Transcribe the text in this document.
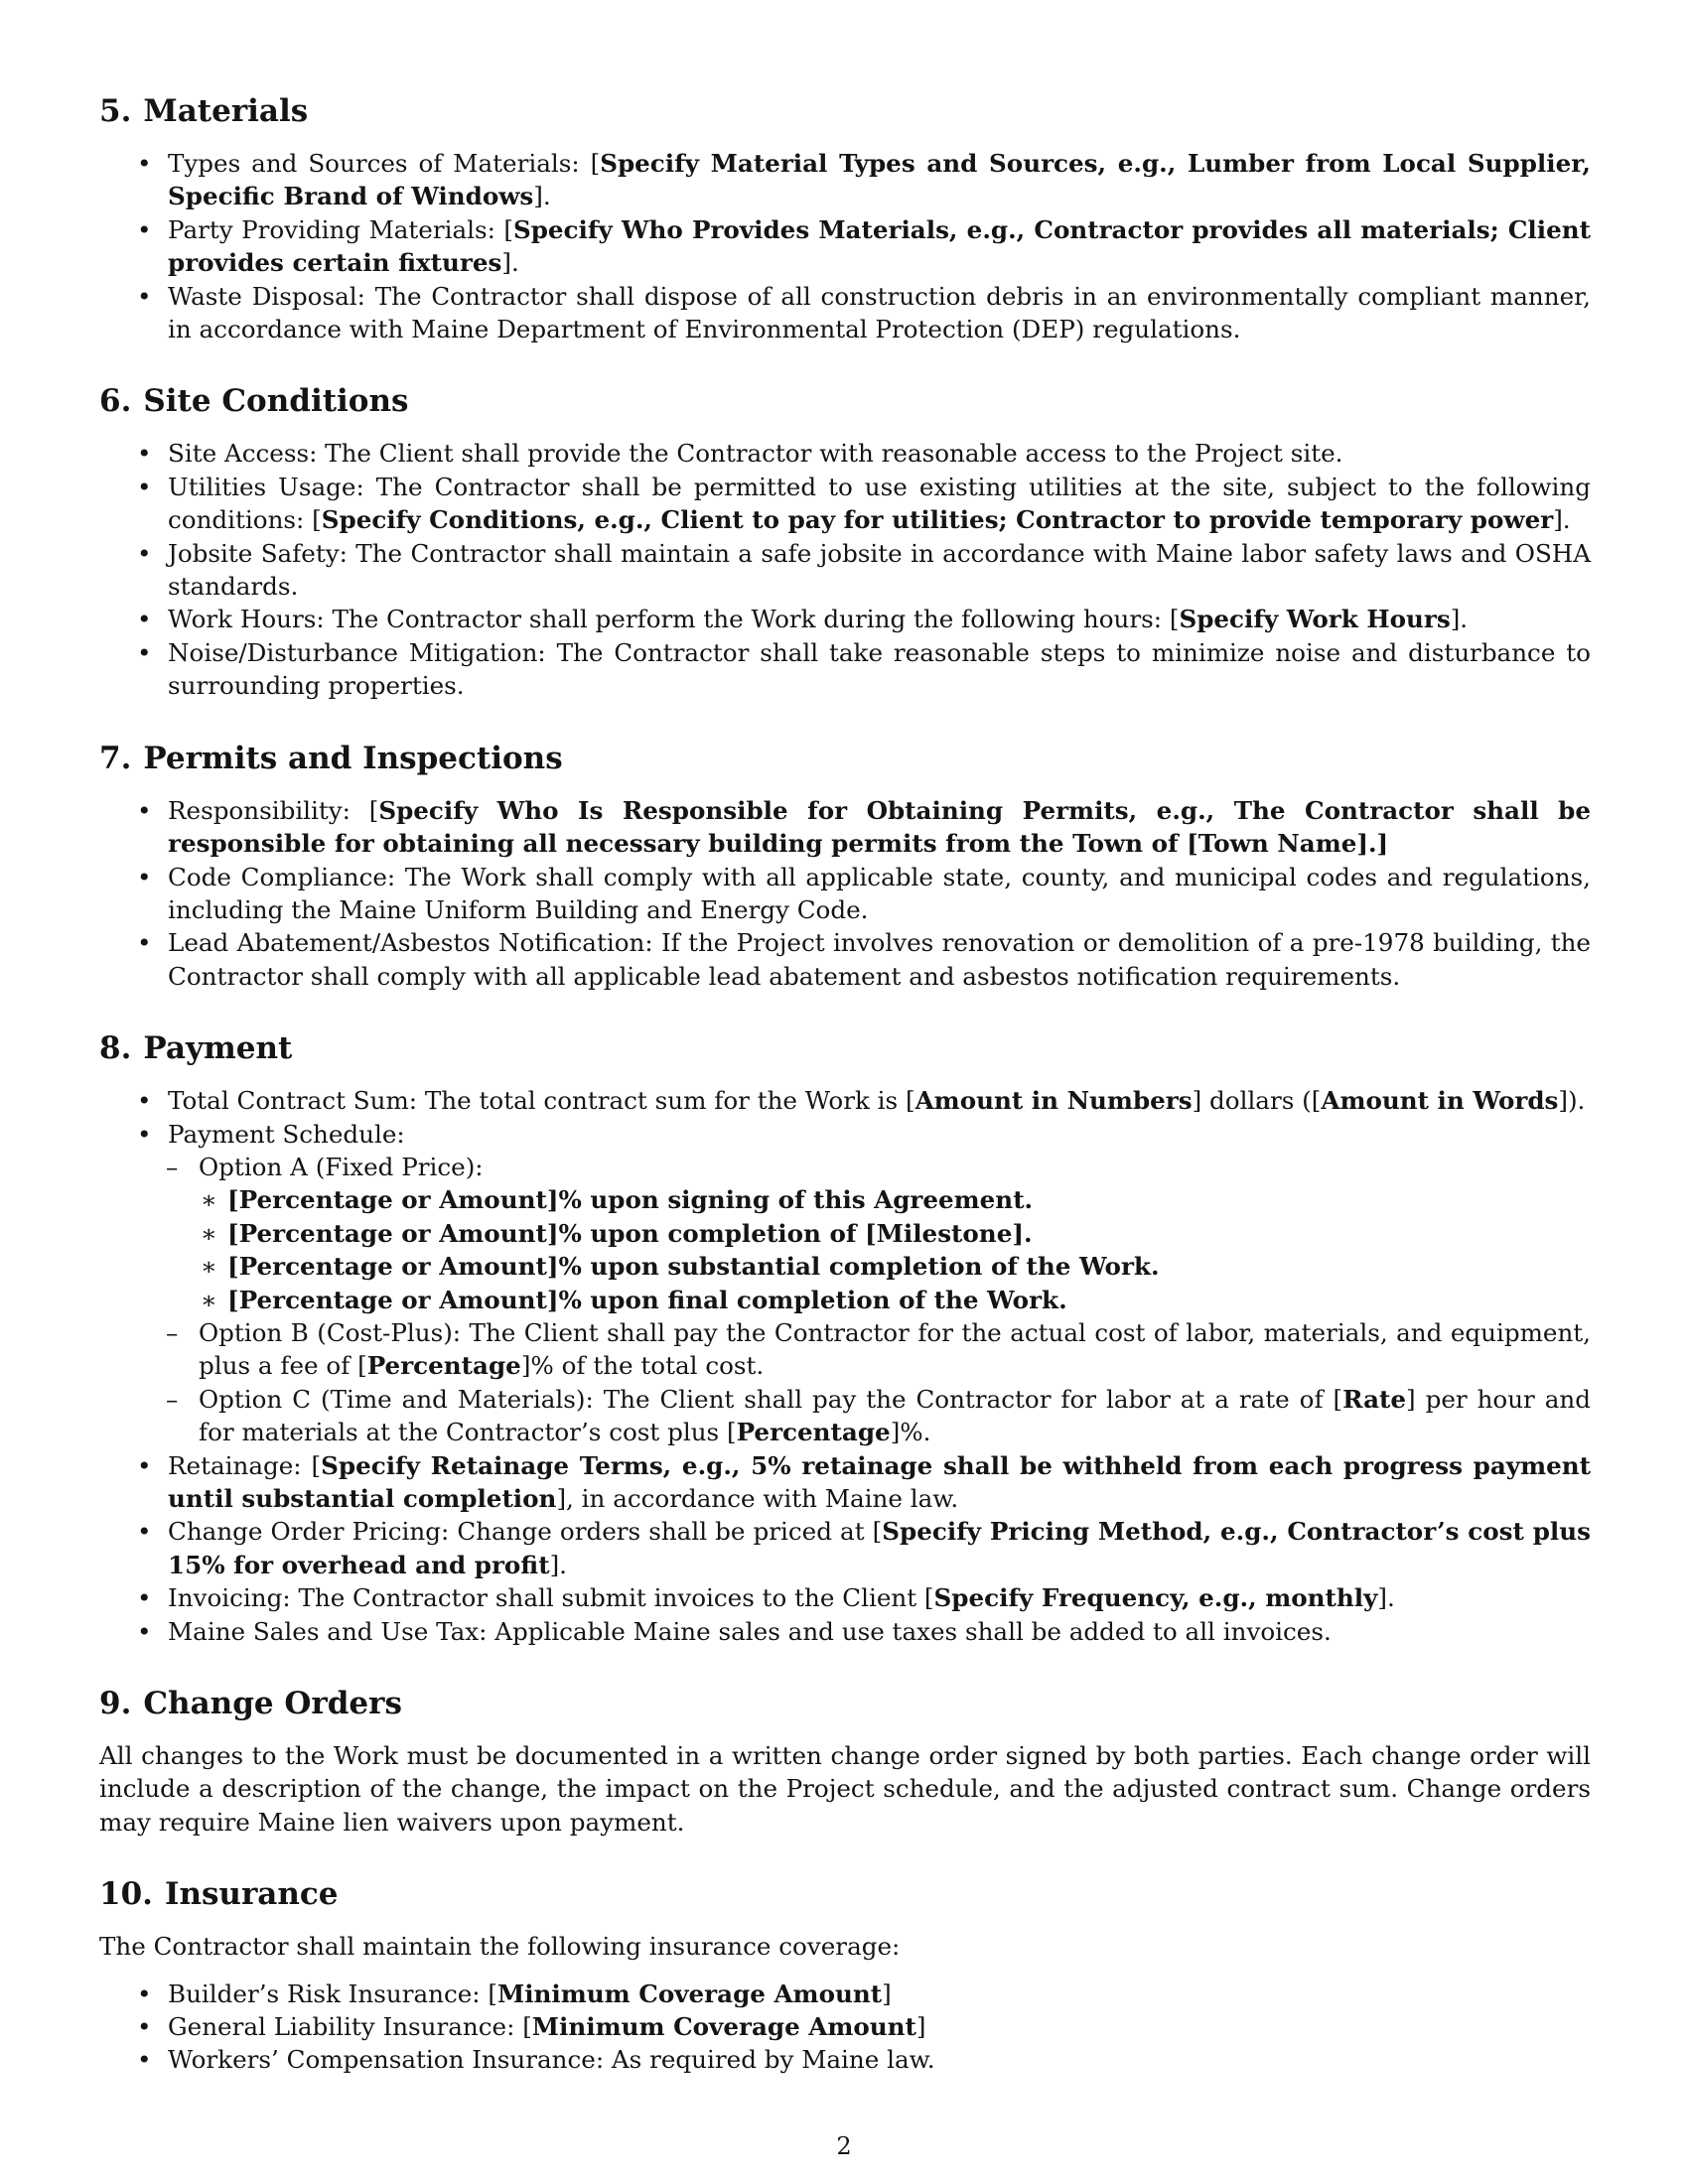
5. Materials
• Types and Sources of Materials: [Specify Material Types and Sources, e.g., Lumber from Local Supplier, Specific Brand of Windows].
• Party Providing Materials: [Specify Who Provides Materials, e.g., Contractor provides all materials; Client provides certain fixtures].
• Waste Disposal: The Contractor shall dispose of all construction debris in an environmentally compliant manner, in accordance with Maine Department of Environmental Protection (DEP) regulations.
6. Site Conditions
• Site Access: The Client shall provide the Contractor with reasonable access to the Project site.
• Utilities Usage: The Contractor shall be permitted to use existing utilities at the site, subject to the following conditions: [Specify Conditions, e.g., Client to pay for utilities; Contractor to provide temporary power].
• Jobsite Safety: The Contractor shall maintain a safe jobsite in accordance with Maine labor safety laws and OSHA standards.
• Work Hours: The Contractor shall perform the Work during the following hours: [Specify Work Hours].
• Noise/Disturbance Mitigation: The Contractor shall take reasonable steps to minimize noise and disturbance to surrounding properties.
7. Permits and Inspections
• Responsibility: [Specify Who Is Responsible for Obtaining Permits, e.g., The Contractor shall be responsible for obtaining all necessary building permits from the Town of [Town Name].]
• Code Compliance: The Work shall comply with all applicable state, county, and municipal codes and regulations, including the Maine Uniform Building and Energy Code.
• Lead Abatement/Asbestos Notification: If the Project involves renovation or demolition of a pre-1978 building, the Contractor shall comply with all applicable lead abatement and asbestos notification requirements.
8. Payment
• Total Contract Sum: The total contract sum for the Work is [Amount in Numbers] dollars ([Amount in Words]).
• Payment Schedule:
– Option A (Fixed Price):
∗ [Percentage or Amount]% upon signing of this Agreement.
∗ [Percentage or Amount]% upon completion of [Milestone].
∗ [Percentage or Amount]% upon substantial completion of the Work.
∗ [Percentage or Amount]% upon final completion of the Work.
– Option B (Cost-Plus): The Client shall pay the Contractor for the actual cost of labor, materials, and equipment, plus a fee of [Percentage]% of the total cost.
– Option C (Time and Materials): The Client shall pay the Contractor for labor at a rate of [Rate] per hour and for materials at the Contractor’s cost plus [Percentage]%.
• Retainage: [Specify Retainage Terms, e.g., 5% retainage shall be withheld from each progress payment until substantial completion], in accordance with Maine law.
• Change Order Pricing: Change orders shall be priced at [Specify Pricing Method, e.g., Contractor’s cost plus 15% for overhead and profit].
• Invoicing: The Contractor shall submit invoices to the Client [Specify Frequency, e.g., monthly].
• Maine Sales and Use Tax: Applicable Maine sales and use taxes shall be added to all invoices.
9. Change Orders

All changes to the Work must be documented in a written change order signed by both parties. Each change order will include a description of the change, the impact on the Project schedule, and the adjusted contract sum. Change orders may require Maine lien waivers upon payment.

10. Insurance

The Contractor shall maintain the following insurance coverage:

• Builder’s Risk Insurance: [Minimum Coverage Amount]
• General Liability Insurance: [Minimum Coverage Amount]
• Workers’ Compensation Insurance: As required by Maine law.
2
